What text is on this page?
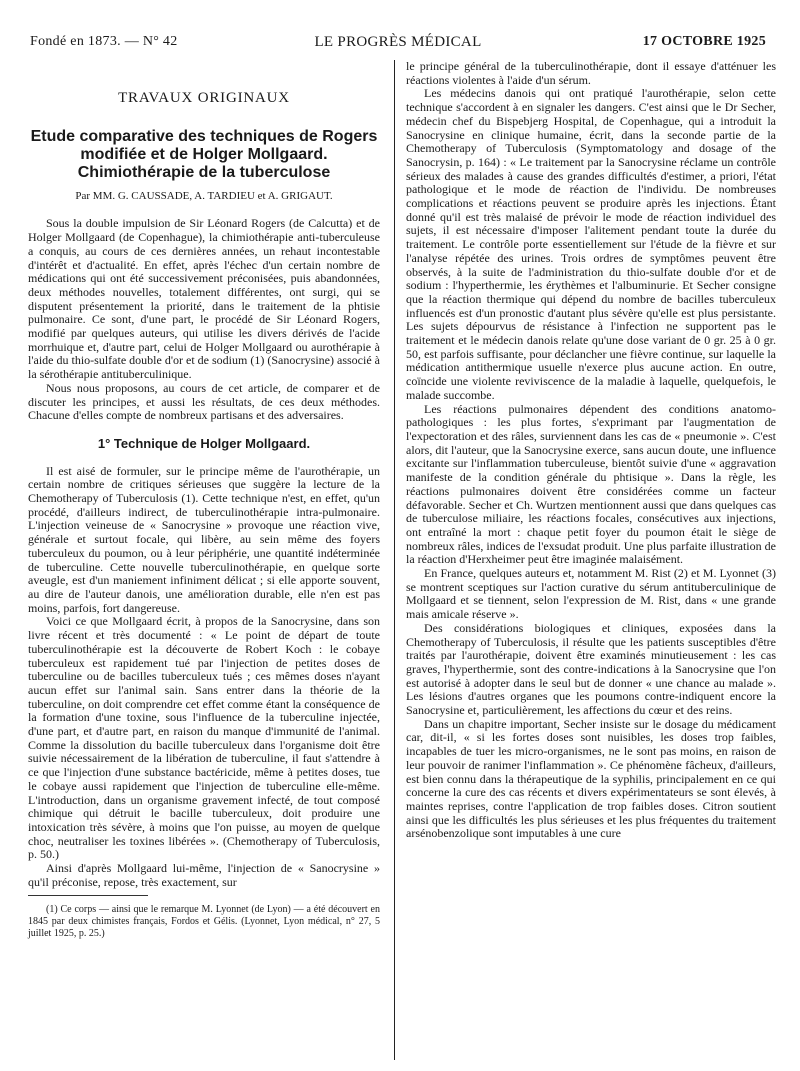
Fondé en 1873. — N° 42	LE PROGRÈS MÉDICAL	17 OCTOBRE 1925
TRAVAUX ORIGINAUX
Etude comparative des techniques de Rogers modifiée et de Holger Mollgaard. Chimiothérapie de la tuberculose
Par MM. G. CAUSSADE, A. TARDIEU et A. GRIGAUT.

Sous la double impulsion de Sir Léonard Rogers (de Calcutta) et de Holger Mollgaard (de Copenhague), la chimiothérapie anti-tuberculeuse a conquis, au cours de ces dernières années, un rehaut incontestable d'intérêt et d'actualité. En effet, après l'échec d'un certain nombre de médications qui ont été successivement préconisées, puis abandonnées, deux méthodes nouvelles, totalement différentes, ont surgi, qui se disputent présentement la priorité, dans le traitement de la phtisie pulmonaire. Ce sont, d'une part, le procédé de Sir Léonard Rogers, modifié par quelques auteurs, qui utilise les divers dérivés de l'acide morrhuique et, d'autre part, celui de Holger Mollgaard ou aurothérapie à l'aide du thio-sulfate double d'or et de sodium (1) (Sanocrysine) associé à la sérothérapie antituberculinique.

Nous nous proposons, au cours de cet article, de comparer et de discuter les principes, et aussi les résultats, de ces deux méthodes. Chacune d'elles compte de nombreux partisans et des adversaires.

1° Technique de Holger Mollgaard.

Il est aisé de formuler, sur le principe même de l'aurothérapie, un certain nombre de critiques sérieuses que suggère la lecture de la Chemotherapy of Tuberculosis (1). Cette technique n'est, en effet, qu'un procédé, d'ailleurs indirect, de tuberculinothérapie intra-pulmonaire. L'injection veineuse de « Sanocrysine » provoque une réaction vive, générale et surtout focale, qui libère, au sein même des foyers tuberculeux du poumon, ou à leur périphérie, une quantité indéterminée de tuberculine. Cette nouvelle tuberculinothérapie, en quelque sorte aveugle, est d'un maniement infiniment délicat ; si elle apporte souvent, au dire de l'auteur danois, une amélioration durable, elle n'en est pas moins, parfois, fort dangereuse.

Voici ce que Mollgaard écrit, à propos de la Sanocrysine, dans son livre récent et très documenté : « Le point de départ de toute tuberculinothérapie est la découverte de Robert Koch : le cobaye tuberculeux est rapidement tué par l'injection de petites doses de tuberculine ou de bacilles tuberculeux tués ; ces mêmes doses n'ayant aucun effet sur l'animal sain. Sans entrer dans la théorie de la tuberculine, on doit comprendre cet effet comme étant la conséquence de la formation d'une toxine, sous l'influence de la tuberculine injectée, d'une part, et d'autre part, en raison du manque d'immunité de l'animal. Comme la dissolution du bacille tuberculeux dans l'organisme doit être suivie nécessairement de la libération de tuberculine, il faut s'attendre à ce que l'injection d'une substance bactéricide, même à petites doses, tue le cobaye aussi rapidement que l'injection de tuberculine elle-même. L'introduction, dans un organisme gravement infecté, de tout composé chimique qui détruit le bacille tuberculeux, doit produire une intoxication très sévère, à moins que l'on puisse, au moyen de quelque choc, neutraliser les toxines libérées ». (Chemotherapy of Tuberculosis, p. 50.)

Ainsi d'après Mollgaard lui-même, l'injection de « Sanocrysine » qu'il préconise, repose, très exactement, sur

(1) Ce corps — ainsi que le remarque M. Lyonnet (de Lyon) — a été découvert en 1845 par deux chimistes français, Fordos et Gélis. (Lyonnet, Lyon médical, n° 27, 5 juillet 1925, p. 25.)

le principe général de la tuberculinothérapie, dont il essaye d'atténuer les réactions violentes à l'aide d'un sérum.

Les médecins danois qui ont pratiqué l'aurothérapie, selon cette technique s'accordent à en signaler les dangers. C'est ainsi que le Dr Secher, médecin chef du Bispebjerg Hospital, de Copenhague, qui a introduit la Sanocrysine en clinique humaine, écrit, dans la seconde partie de la Chemotherapy of Tuberculosis (Symptomatology and dosage of the Sanocrysin, p. 164) : « Le traitement par la Sanocrysine réclame un contrôle sérieux des malades à cause des grandes difficultés d'estimer, a priori, l'état pathologique et le mode de réaction de l'individu. De nombreuses complications et réactions peuvent se produire après les injections. Étant donné qu'il est très malaisé de prévoir le mode de réaction individuel des sujets, il est nécessaire d'imposer l'alitement pendant toute la durée du traitement. Le contrôle porte essentiellement sur l'étude de la fièvre et sur l'analyse répétée des urines. Trois ordres de symptômes peuvent être observés, à la suite de l'administration du thio-sulfate double d'or et de sodium : l'hyperthermie, les érythèmes et l'albuminurie. Et Secher consigne que la réaction thermique qui dépend du nombre de bacilles tuberculeux influencés est d'un pronostic d'autant plus sévère qu'elle est plus persistante. Les sujets dépourvus de résistance à l'infection ne supportent pas le traitement et le médecin danois relate qu'une dose variant de 0 gr. 25 à 0 gr. 50, est parfois suffisante, pour déclancher une fièvre continue, sur laquelle la médication antithermique usuelle n'exerce plus aucune action. En outre, coïncide une violente reviviscence de la maladie à laquelle, quelquefois, le malade succombe.

Les réactions pulmonaires dépendent des conditions anatomo-pathologiques : les plus fortes, s'exprimant par l'augmentation de l'expectoration et des râles, surviennent dans les cas de « pneumonie ». C'est alors, dit l'auteur, que la Sanocrysine exerce, sans aucun doute, une influence excitante sur l'inflammation tuberculeuse, bientôt suivie d'une « aggravation manifeste de la condition générale du phtisique ». Dans la règle, les réactions pulmonaires doivent être considérées comme un facteur défavorable. Secher et Ch. Wurtzen mentionnent aussi que dans quelques cas de tuberculose miliaire, les réactions focales, consécutives aux injections, ont entraîné la mort : chaque petit foyer du poumon était le siège de nombreux râles, indices de l'exsudat produit. Une plus parfaite illustration de la réaction d'Herxheimer peut être imaginée malaisément.

En France, quelques auteurs et, notamment M. Rist (2) et M. Lyonnet (3) se montrent sceptiques sur l'action curative du sérum antituberculinique de Mollgaard et se tiennent, selon l'expression de M. Rist, dans « une grande mais amicale réserve ».

Des considérations biologiques et cliniques, exposées dans la Chemotherapy of Tuberculosis, il résulte que les patients susceptibles d'être traités par l'aurothérapie, doivent être examinés minutieusement : les cas graves, l'hyperthermie, sont des contre-indications à la Sanocrysine que l'on est autorisé à adopter dans le seul but de donner « une chance au malade ». Les lésions d'autres organes que les poumons contre-indiquent encore la Sanocrysine et, particulièrement, les affections du cœur et des reins.

Dans un chapitre important, Secher insiste sur le dosage du médicament car, dit-il, « si les fortes doses sont nuisibles, les doses trop faibles, incapables de tuer les micro-organismes, ne le sont pas moins, en raison de leur pouvoir de ranimer l'inflammation ». Ce phénomène fâcheux, d'ailleurs, est bien connu dans la thérapeutique de la syphilis, principalement en ce qui concerne la cure des cas récents et divers expérimentateurs se sont élevés, à maintes reprises, contre l'application de trop faibles doses. Citron soutient ainsi que les difficultés les plus sérieuses et les plus fréquentes du traitement arsénobenzolique sont imputables à une cure
